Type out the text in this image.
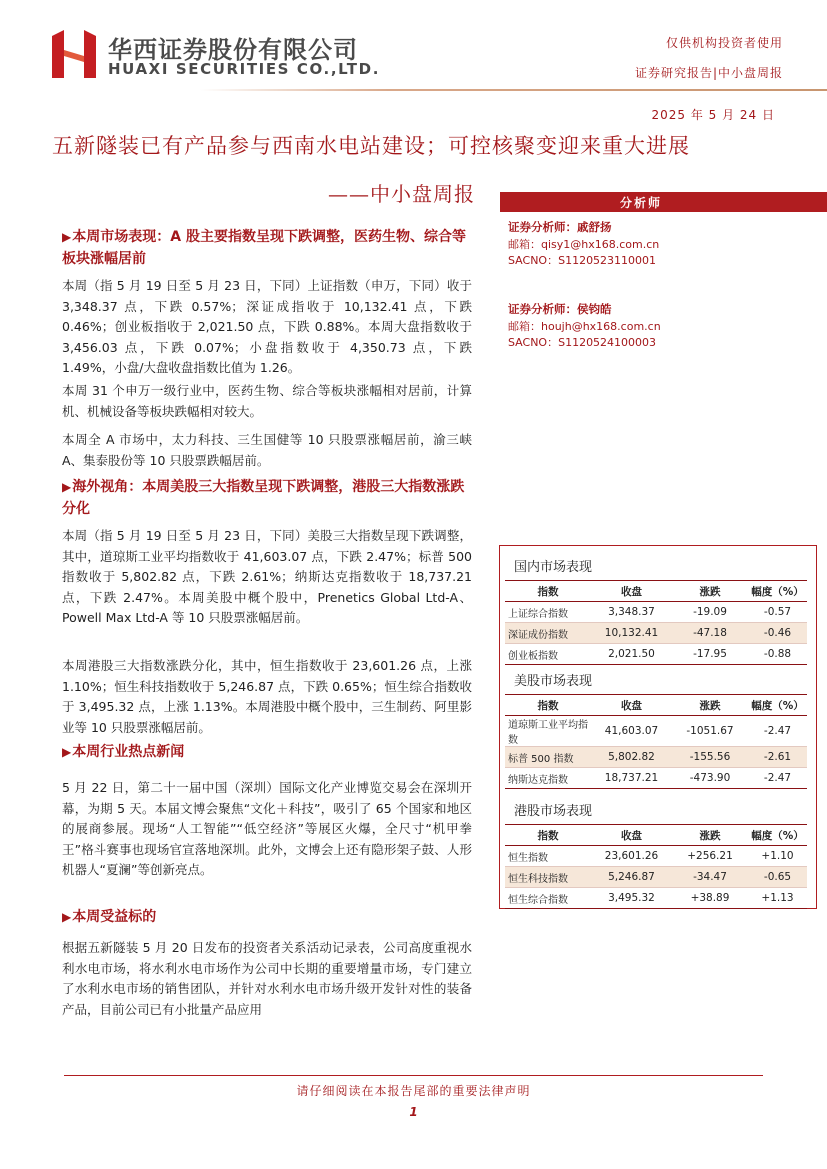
华西证券股份有限公司
HUAXI SECURITIES CO.,LTD.
仅供机构投资者使用
证券研究报告|中小盘周报
2025 年 5 月 24 日
五新隧装已有产品参与西南水电站建设；可控核聚变迎来重大进展
——中小盘周报
▶本周市场表现：A 股主要指数呈现下跌调整，医药生物、综合等板块涨幅居前
本周（指 5 月 19 日至 5 月 23 日，下同）上证指数（申万，下同）收于 3,348.37 点，下跌 0.57%；深证成指收于 10,132.41 点，下跌 0.46%；创业板指收于 2,021.50 点，下跌 0.88%。本周大盘指数收于 3,456.03 点，下跌 0.07%；小盘指数收于 4,350.73 点，下跌 1.49%，小盘/大盘收盘指数比值为 1.26。
本周 31 个申万一级行业中，医药生物、综合等板块涨幅相对居前，计算机、机械设备等板块跌幅相对较大。
本周全 A 市场中，太力科技、三生国健等 10 只股票涨幅居前，渝三峡 A、集泰股份等 10 只股票跌幅居前。
▶海外视角：本周美股三大指数呈现下跌调整，港股三大指数涨跌分化
本周（指 5 月 19 日至 5 月 23 日，下同）美股三大指数呈现下跌调整，其中，道琼斯工业平均指数收于 41,603.07 点，下跌 2.47%；标普 500 指数收于 5,802.82 点，下跌 2.61%；纳斯达克指数收于 18,737.21 点，下跌 2.47%。本周美股中概个股中，Prenetics Global Ltd-A、Powell Max Ltd-A 等 10 只股票涨幅居前。
本周港股三大指数涨跌分化，其中，恒生指数收于 23,601.26 点，上涨 1.10%；恒生科技指数收于 5,246.87 点，下跌 0.65%；恒生综合指数收于 3,495.32 点，上涨 1.13%。本周港股中概个股中，三生制药、阿里影业等 10 只股票涨幅居前。
▶本周行业热点新闻
5 月 22 日，第二十一届中国（深圳）国际文化产业博览交易会在深圳开幕，为期 5 天。本届文博会聚焦“文化＋科技”，吸引了 65 个国家和地区的展商参展。现场“人工智能”“低空经济”等展区火爆，全尺寸“机甲拳王”格斗赛事也现场官宣落地深圳。此外，文博会上还有隐形架子鼓、人形机器人“夏澜”等创新亮点。
▶本周受益标的
根据五新隧装 5 月 20 日发布的投资者关系活动记录表，公司高度重视水利水电市场，将水利水电市场作为公司中长期的重要增量市场，专门建立了水利水电市场的销售团队，并针对水利水电市场升级开发针对性的装备产品，目前公司已有小批量产品应用
分析师
证券分析师：戚舒扬
邮箱：qisy1@hx168.com.cn
SACNO：S1120523110001
证券分析师：侯钧皓
邮箱：houjh@hx168.com.cn
SACNO：S1120524100003
国内市场表现
指数	收盘	涨跌	幅度（%）
上证综合指数	3,348.37	-19.09	-0.57
深证成份指数	10,132.41	-47.18	-0.46
创业板指数	2,021.50	-17.95	-0.88
美股市场表现
指数	收盘	涨跌	幅度（%）
道琼斯工业平均指数	41,603.07	-1051.67	-2.47
标普 500 指数	5,802.82	-155.56	-2.61
纳斯达克指数	18,737.21	-473.90	-2.47
港股市场表现
指数	收盘	涨跌	幅度（%）
恒生指数	23,601.26	+256.21	+1.10
恒生科技指数	5,246.87	-34.47	-0.65
恒生综合指数	3,495.32	+38.89	+1.13
请仔细阅读在本报告尾部的重要法律声明
1
